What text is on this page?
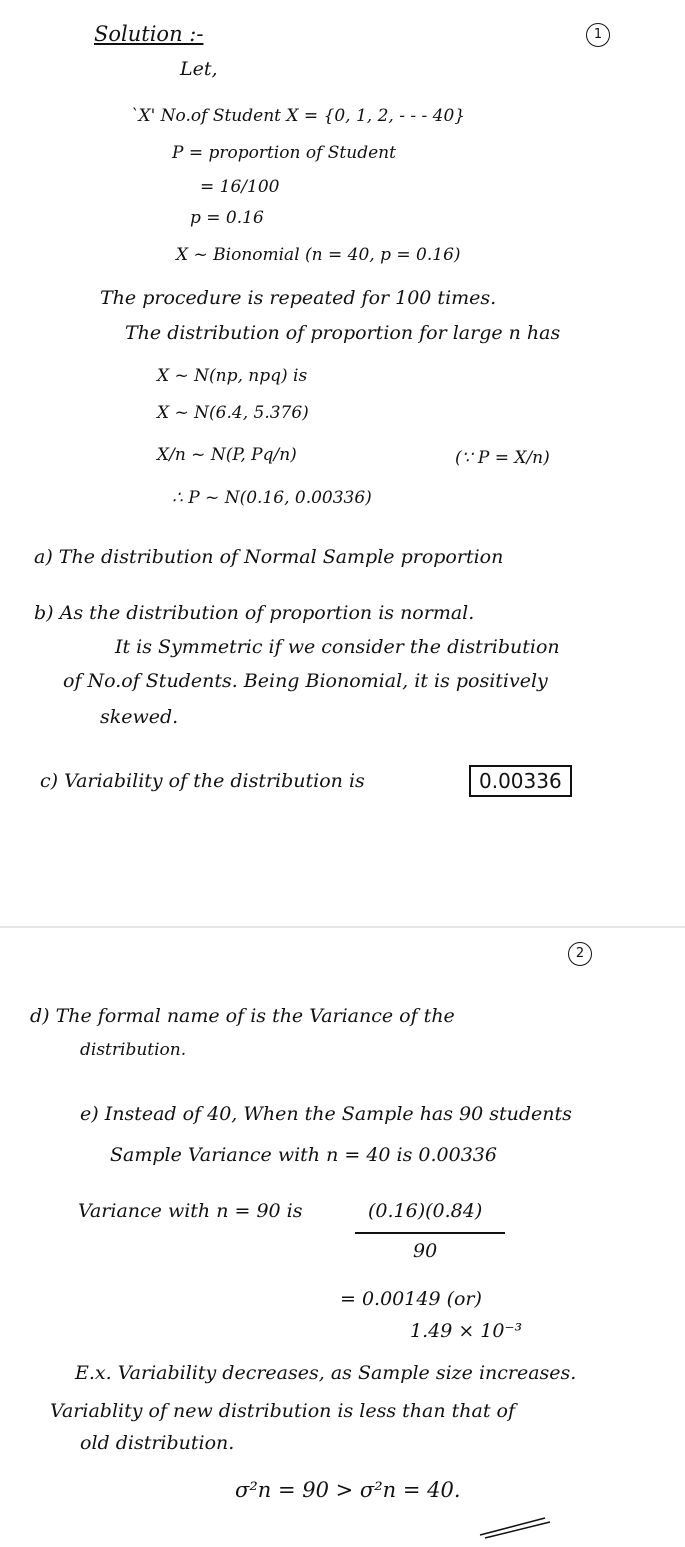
Solution :-	1
Let,
`X' No.of Student X = {0, 1, 2, - - - 40}
P = proportion of Student
= 16/100
p = 0.16
X ~ Bionomial (n = 40, p = 0.16)
The procedure is repeated for 100 times.
The distribution of proportion for large n has
X ~ N(np, npq) is
X ~ N(6.4, 5.376)
X/n ~ N(P, Pq/n)	(∵ P = X/n)
∴ P ~ N(0.16, 0.00336)
a) The distribution of Normal Sample proportion
b) As the distribution of proportion is normal.
It is Symmetric if we consider the distribution
of No.of Students. Being Bionomial, it is positively
skewed.
c) Variability of the distribution is	0.00336
2
d) The formal name of is the Variance of the
distribution.
e) Instead of 40, When the Sample has 90 students
Sample Variance with n = 40 is 0.00336
Variance with n = 90 is	(0.16)(0.84)
90
= 0.00149 (or)
1.49 × 10⁻³
E.x. Variability decreases, as Sample size increases.
Variablity of new distribution is less than that of
old distribution.
σ²n = 90 > σ²n = 40.
